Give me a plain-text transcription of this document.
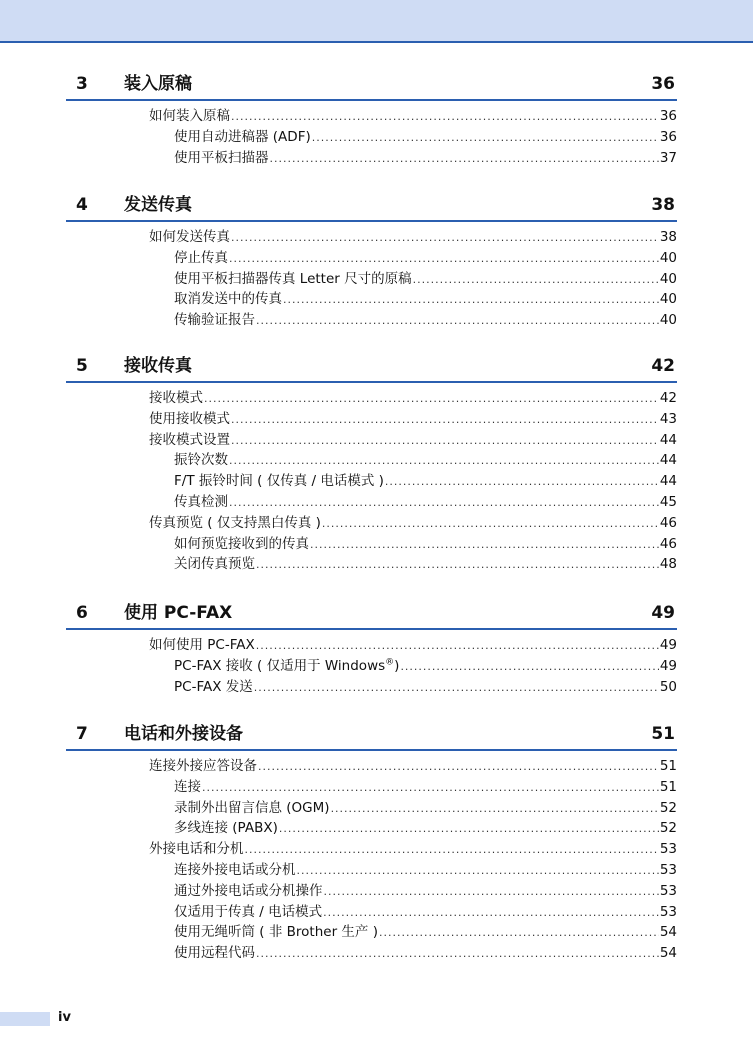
3 装入原稿	36
如何装入原稿 .....	36
使用自动进稿器 (ADF) .....	36
使用平板扫描器 .....	37
4 发送传真	38
如何发送传真 .....	38
停止传真 .....	40
使用平板扫描器传真 Letter 尺寸的原稿 .....	40
取消发送中的传真 .....	40
传输验证报告 .....	40
5 接收传真	42
接收模式 .....	42
使用接收模式 .....	43
接收模式设置 .....	44
振铃次数 .....	44
F/T 振铃时间 ( 仅传真 / 电话模式 ) .....	44
传真检测 .....	45
传真预览 ( 仅支持黑白传真 ) .....	46
如何预览接收到的传真 .....	46
关闭传真预览 .....	48
6 使用 PC-FAX	49
如何使用 PC-FAX .....	49
PC-FAX 接收 ( 仅适用于 Windows®) .....	49
PC-FAX 发送 .....	50
7 电话和外接设备	51
连接外接应答设备 .....	51
连接 .....	51
录制外出留言信息 (OGM) .....	52
多线连接 (PABX) .....	52
外接电话和分机 .....	53
连接外接电话或分机 .....	53
通过外接电话或分机操作 .....	53
仅适用于传真 / 电话模式 .....	53
使用无绳听筒 ( 非 Brother 生产 ) .....	54
使用远程代码 .....	54
iv
